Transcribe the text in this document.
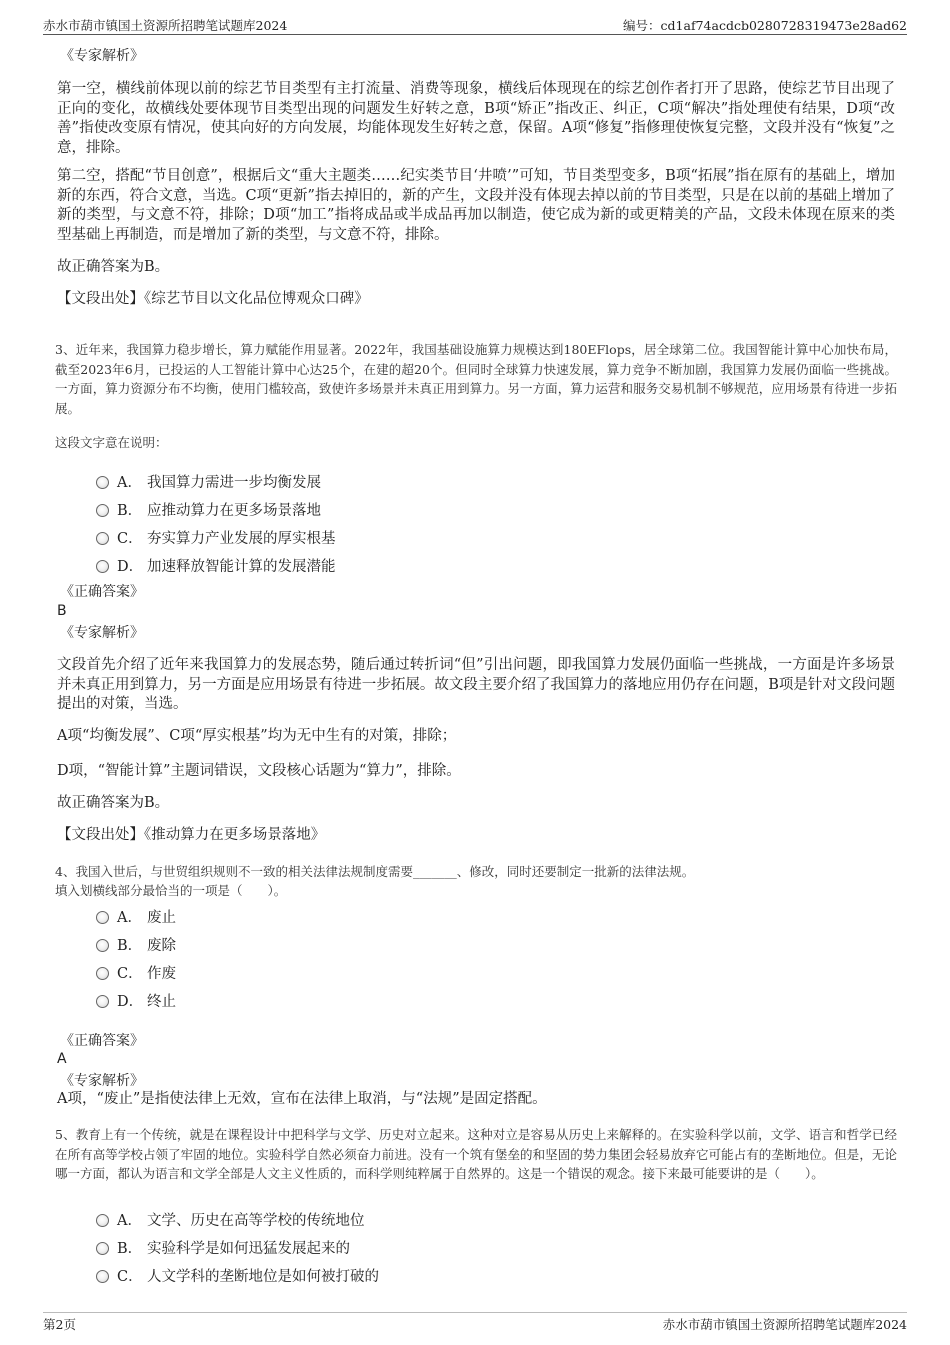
赤水市葫市镇国土资源所招聘笔试题库2024	编号：cd1af74acdcb0280728319473e28ad62
《专家解析》
第一空，横线前体现以前的综艺节目类型有主打流量、消费等现象，横线后体现现在的综艺创作者打开了思路，使综艺节目出现了正向的变化，故横线处要体现节目类型出现的问题发生好转之意，B项“矫正”指改正、纠正，C项“解决”指处理使有结果，D项“改善”指使改变原有情况，使其向好的方向发展，均能体现发生好转之意，保留。A项“修复”指修理使恢复完整，文段并没有“恢复”之意，排除。
第二空，搭配“节目创意”，根据后文“重大主题类……纪实类节目‘井喷’”可知，节目类型变多，B项“拓展”指在原有的基础上，增加新的东西，符合文意，当选。C项“更新”指去掉旧的，新的产生，文段并没有体现去掉以前的节目类型，只是在以前的基础上增加了新的类型，与文意不符，排除；D项“加工”指将成品或半成品再加以制造，使它成为新的或更精美的产品，文段未体现在原来的类型基础上再制造，而是增加了新的类型，与文意不符，排除。
故正确答案为B。
【文段出处】《综艺节目以文化品位博观众口碑》
3、近年来，我国算力稳步增长，算力赋能作用显著。2022年，我国基础设施算力规模达到180EFlops，居全球第二位。我国智能计算中心加快布局，截至2023年6月，已投运的人工智能计算中心达25个，在建的超20个。但同时全球算力快速发展，算力竞争不断加剧，我国算力发展仍面临一些挑战。一方面，算力资源分布不均衡，使用门槛较高，致使许多场景并未真正用到算力。另一方面，算力运营和服务交易机制不够规范，应用场景有待进一步拓展。
这段文字意在说明：
A． 我国算力需进一步均衡发展
B． 应推动算力在更多场景落地
C． 夯实算力产业发展的厚实根基
D． 加速释放智能计算的发展潜能
《正确答案》
B
《专家解析》
文段首先介绍了近年来我国算力的发展态势，随后通过转折词“但”引出问题，即我国算力发展仍面临一些挑战，一方面是许多场景并未真正用到算力，另一方面是应用场景有待进一步拓展。故文段主要介绍了我国算力的落地应用仍存在问题，B项是针对文段问题提出的对策，当选。
A项“均衡发展”、C项“厚实根基”均为无中生有的对策，排除；
D项，“智能计算”主题词错误，文段核心话题为“算力”，排除。
故正确答案为B。
【文段出处】《推动算力在更多场景落地》
4、我国入世后，与世贸组织规则不一致的相关法律法规制度需要_______、修改，同时还要制定一批新的法律法规。
填入划横线部分最恰当的一项是（　　）。
A． 废止
B． 废除
C． 作废
D． 终止
《正确答案》
A
《专家解析》
A项，“废止”是指使法律上无效，宣布在法律上取消，与“法规”是固定搭配。
5、教育上有一个传统，就是在课程设计中把科学与文学、历史对立起来。这种对立是容易从历史上来解释的。在实验科学以前，文学、语言和哲学已经在所有高等学校占领了牢固的地位。实验科学自然必须奋力前进。没有一个筑有堡垒的和坚固的势力集团会轻易放弃它可能占有的垄断地位。但是，无论哪一方面，都认为语言和文学全部是人文主义性质的，而科学则纯粹属于自然界的。这是一个错误的观念。接下来最可能要讲的是（　　）。
A． 文学、历史在高等学校的传统地位
B． 实验科学是如何迅猛发展起来的
C． 人文学科的垄断地位是如何被打破的
第2页	赤水市葫市镇国土资源所招聘笔试题库2024
